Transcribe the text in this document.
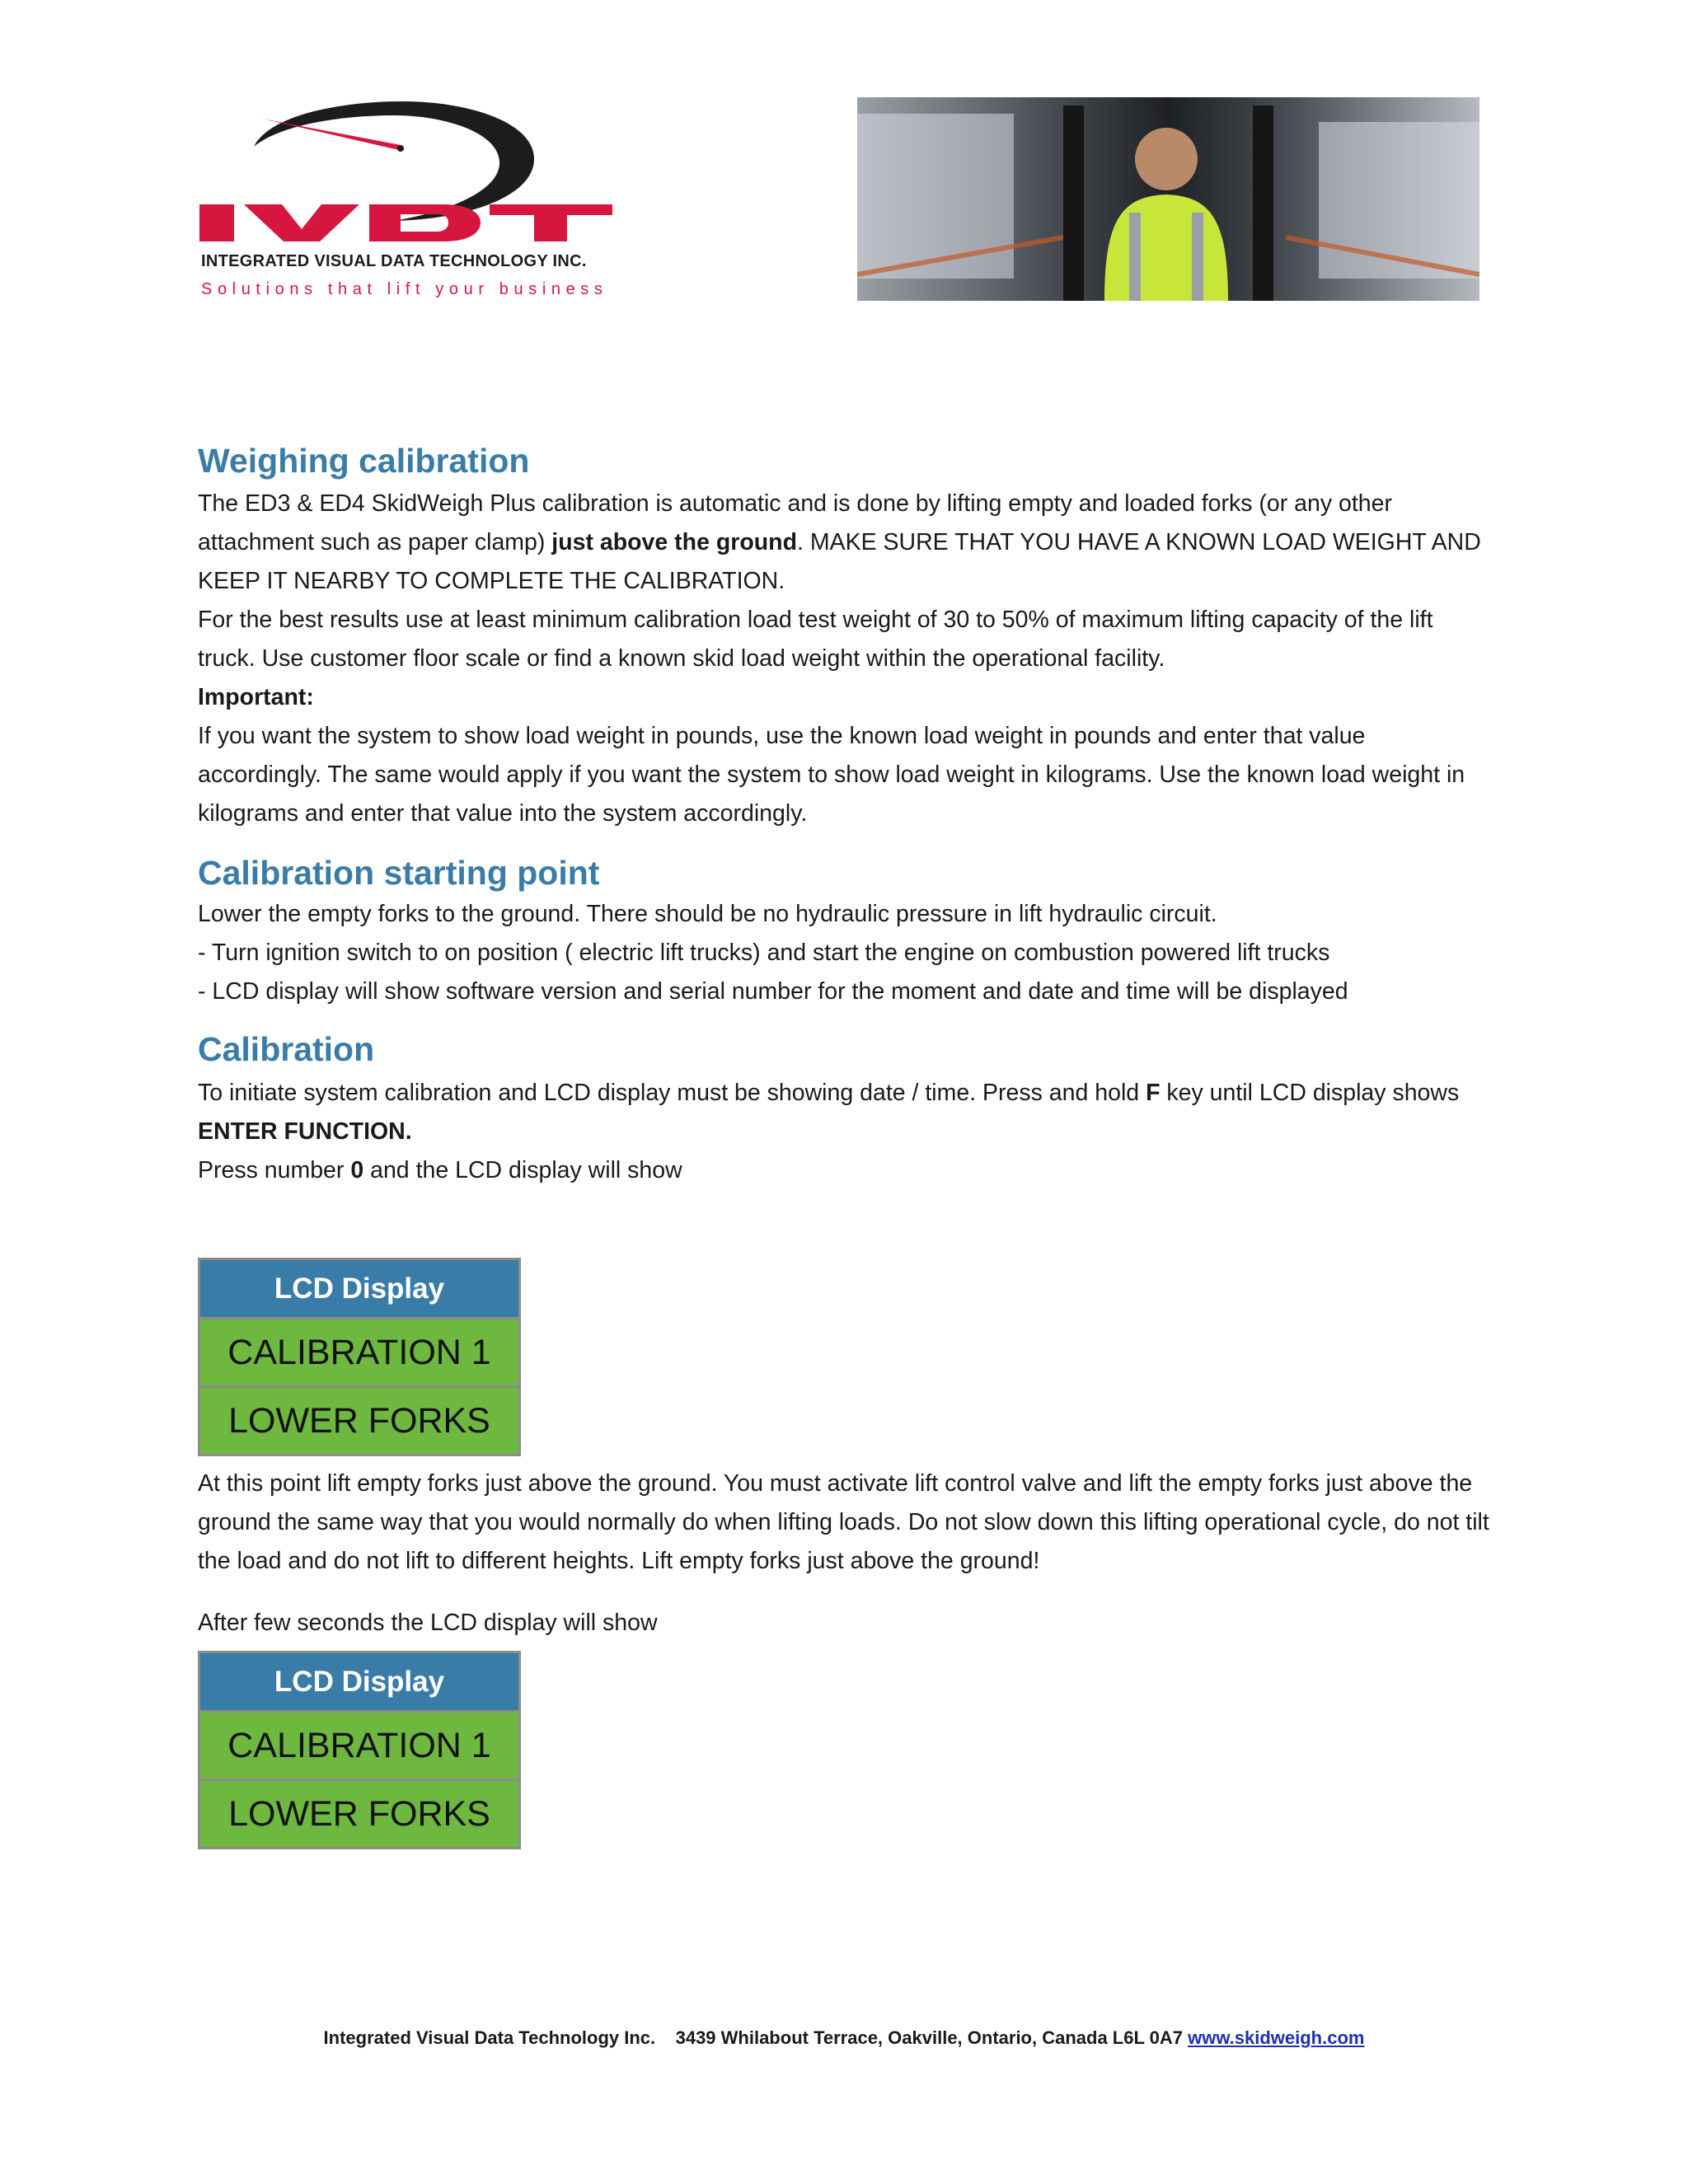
INTEGRATED VISUAL DATA TECHNOLOGY INC.
Solutions that lift your business
Weighing calibration

The ED3 & ED4 SkidWeigh Plus calibration is automatic and is done by lifting empty and loaded forks (or any other attachment such as paper clamp) just above the ground. MAKE SURE THAT YOU HAVE A KNOWN LOAD WEIGHT AND KEEP IT NEARBY TO COMPLETE THE CALIBRATION.

For the best results use at least minimum calibration load test weight of 30 to 50% of maximum lifting capacity of the lift truck. Use customer floor scale or find a known skid load weight within the operational facility.

Important:

If you want the system to show load weight in pounds, use the known load weight in pounds and enter that value accordingly. The same would apply if you want the system to show load weight in kilograms. Use the known load weight in kilograms and enter that value into the system accordingly.

Calibration starting point

Lower the empty forks to the ground. There should be no hydraulic pressure in lift hydraulic circuit.

- Turn ignition switch to on position ( electric lift trucks) and start the engine on combustion powered lift trucks

- LCD display will show software version and serial number for the moment and date and time will be displayed

Calibration

To initiate system calibration and LCD display must be showing date / time. Press and hold F key until LCD display shows ENTER FUNCTION.

Press number 0 and the LCD display will show

LCD Display
CALIBRATION 1
LOWER FORKS

At this point lift empty forks just above the ground. You must activate lift control valve and lift the empty forks just above the ground the same way that you would normally do when lifting loads. Do not slow down this lifting operational cycle, do not tilt the load and do not lift to different heights. Lift empty forks just above the ground!

After few seconds the LCD display will show

LCD Display
CALIBRATION 1
LOWER FORKS
Integrated Visual Data Technology Inc. 3439 Whilabout Terrace, Oakville, Ontario, Canada L6L 0A7 www.skidweigh.com
